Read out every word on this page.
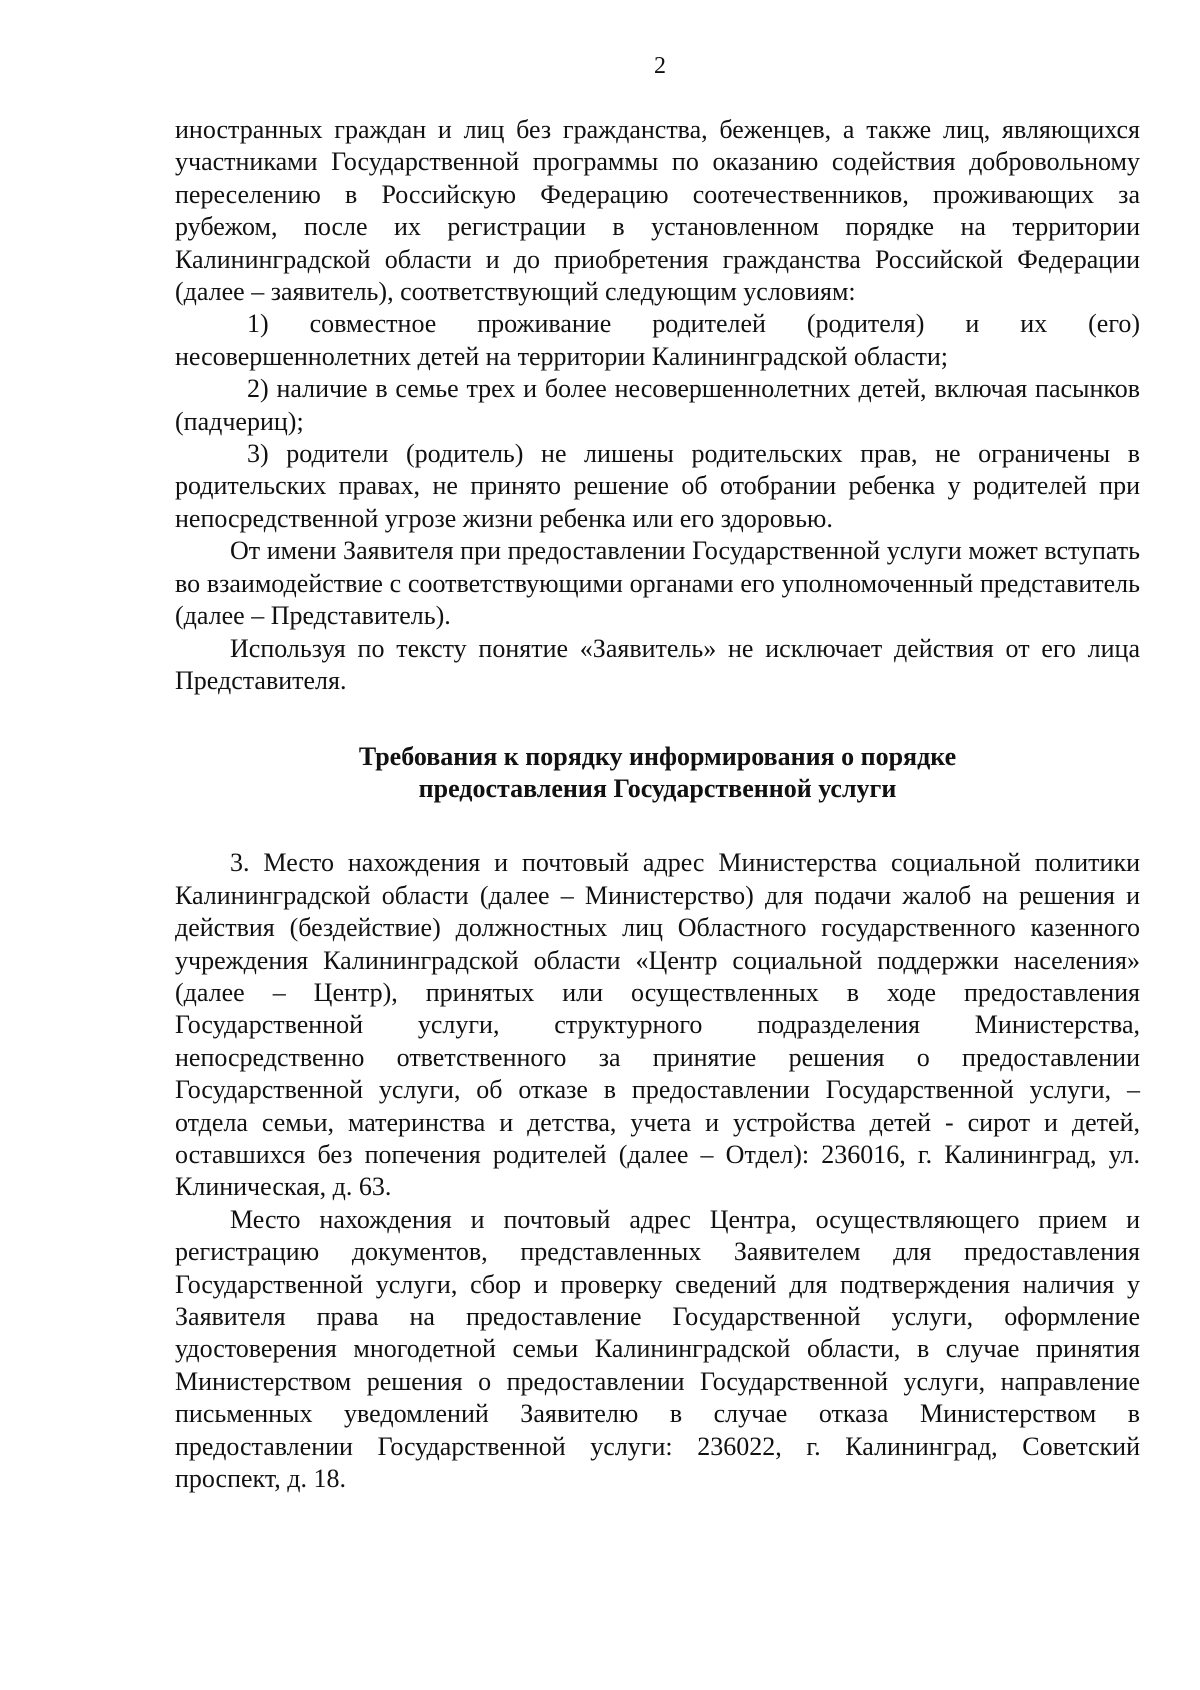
2

иностранных граждан и лиц без гражданства, беженцев, а также лиц, являющихся участниками Государственной программы по оказанию содействия добровольному переселению в Российскую Федерацию соотечественников, проживающих за рубежом, после их регистрации в установленном порядке на территории Калининградской области и до приобретения гражданства Российской Федерации (далее – заявитель), соответствующий следующим условиям:

1) совместное проживание родителей (родителя) и их (его) несовершеннолетних детей на территории Калининградской области;

2) наличие в семье трех и более несовершеннолетних детей, включая пасынков (падчериц);

3) родители (родитель) не лишены родительских прав, не ограничены в родительских правах, не принято решение об отобрании ребенка у родителей при непосредственной угрозе жизни ребенка или его здоровью.

От имени Заявителя при предоставлении Государственной услуги может вступать во взаимодействие с соответствующими органами его уполномоченный представитель (далее – Представитель).

Используя по тексту понятие «Заявитель» не исключает действия от его лица Представителя.

Требования к порядку информирования о порядке
предоставления Государственной услуги

3. Место нахождения и почтовый адрес Министерства социальной политики Калининградской области (далее – Министерство) для подачи жалоб на решения и действия (бездействие) должностных лиц Областного государственного казенного учреждения Калининградской области «Центр социальной поддержки населения» (далее – Центр), принятых или осуществленных в ходе предоставления Государственной услуги, структурного подразделения Министерства, непосредственно ответственного за принятие решения о предоставлении Государственной услуги, об отказе в предоставлении Государственной услуги, – отдела семьи, материнства и детства, учета и устройства детей - сирот и детей, оставшихся без попечения родителей (далее – Отдел): 236016, г. Калининград, ул. Клиническая, д. 63.

Место нахождения и почтовый адрес Центра, осуществляющего прием и регистрацию документов, представленных Заявителем для предоставления Государственной услуги, сбор и проверку сведений для подтверждения наличия у Заявителя права на предоставление Государственной услуги, оформление удостоверения многодетной семьи Калининградской области, в случае принятия Министерством решения о предоставлении Государственной услуги, направление письменных уведомлений Заявителю в случае отказа Министерством в предоставлении Государственной услуги: 236022, г. Калининград, Советский проспект, д. 18.
